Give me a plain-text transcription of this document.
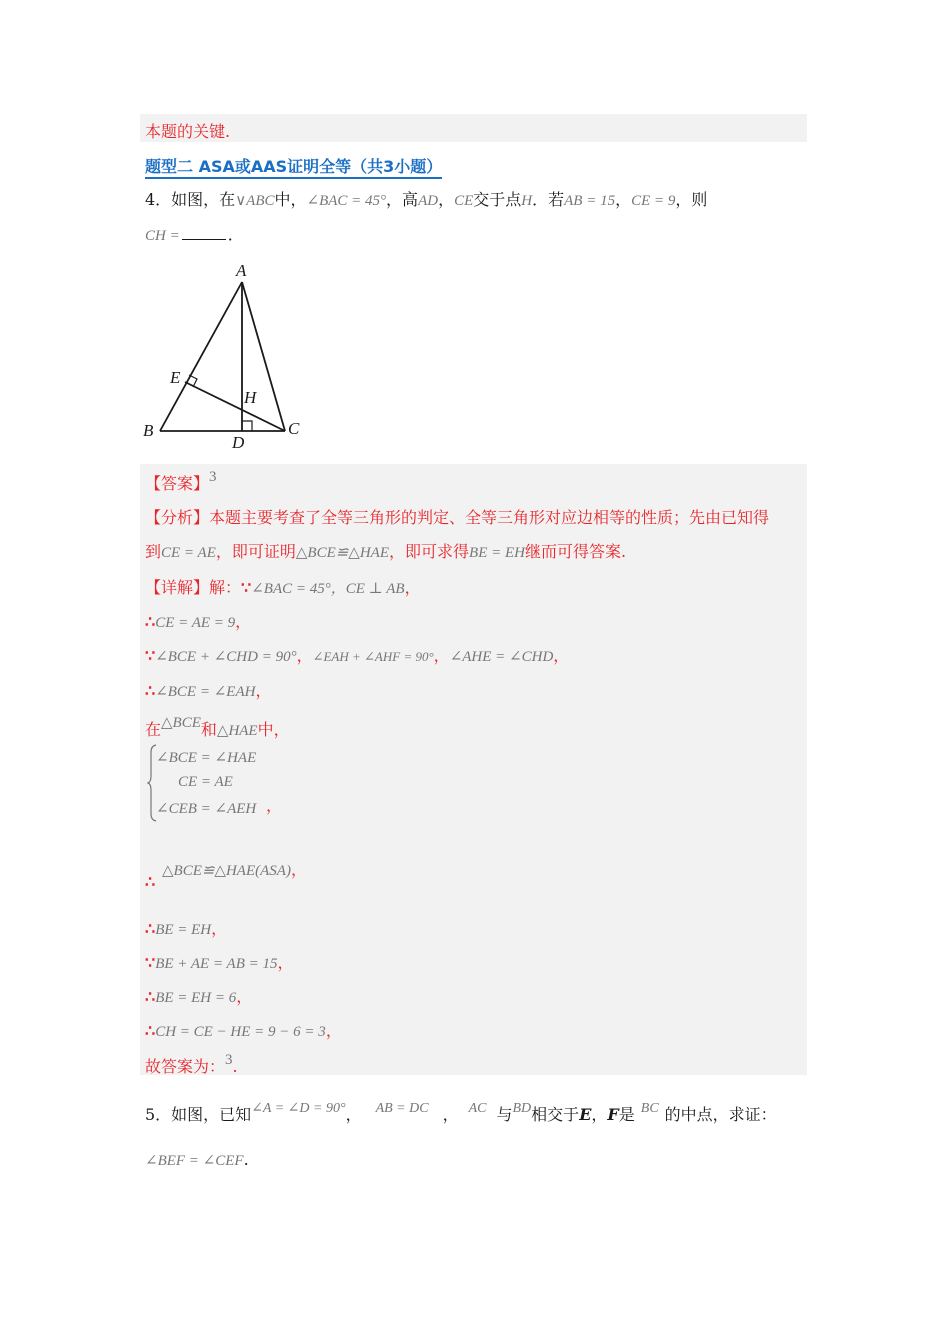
本题的关键.
题型二 ASA或AAS证明全等（共3小题）
4．如图，在∨ABC中，∠BAC = 45°，高AD，CE交于点H．若AB = 15，CE = 9，则
CH =	．
A
B	C
D
E
H
【答案】3
【分析】本题主要考查了全等三角形的判定、全等三角形对应边相等的性质；先由已知得
到CE = AE，即可证明△BCE≌△HAE，即可求得BE = EH继而可得答案.
【详解】解：∵∠BAC = 45°，CE ⊥ AB，
∴CE = AE = 9，
∵∠BCE + ∠CHD = 90°，∠EAH + ∠AHF = 90°，∠AHE = ∠CHD，
∴∠BCE = ∠EAH，
在△BCE和△HAE中，
∠BCE = ∠HAE
CE = AE
∠CEB = ∠AEH ，
△BCE≌△HAE(ASA)，
∴
∴BE = EH，
∵BE + AE = AB = 15，
∴BE = EH = 6，
∴CH = CE − HE = 9 − 6 = 3，
故答案为：3.
5．如图，已知∠A = ∠D = 90°， AB = DC ， AC 与BD相交于E，F是 BC 的中点，求证：
∠BEF = ∠CEF.
